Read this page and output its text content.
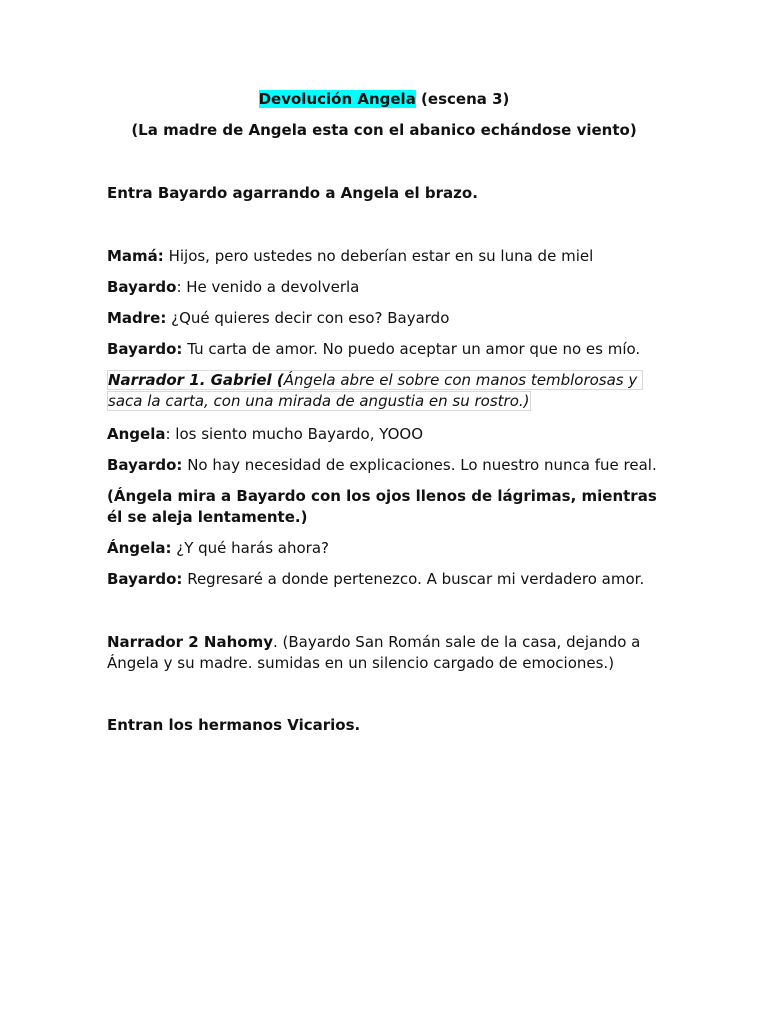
Devolución Angela (escena 3)
(La madre de Angela esta con el abanico echándose viento)
Entra Bayardo agarrando a Angela el brazo.
Mamá: Hijos, pero ustedes no deberían estar en su luna de miel
Bayardo: He venido a devolverla
Madre: ¿Qué quieres decir con eso? Bayardo
Bayardo: Tu carta de amor. No puedo aceptar un amor que no es mío.
Narrador 1. Gabriel (Ángela abre el sobre con manos temblorosas y
saca la carta, con una mirada de angustia en su rostro.)
Angela: los siento mucho Bayardo, YOOO
Bayardo: No hay necesidad de explicaciones. Lo nuestro nunca fue real.
(Ángela mira a Bayardo con los ojos llenos de lágrimas, mientras
él se aleja lentamente.)
Ángela: ¿Y qué harás ahora?
Bayardo: Regresaré a donde pertenezco. A buscar mi verdadero amor.
Narrador 2 Nahomy. (Bayardo San Román sale de la casa, dejando a
Ángela y su madre. sumidas en un silencio cargado de emociones.)
Entran los hermanos Vicarios.
